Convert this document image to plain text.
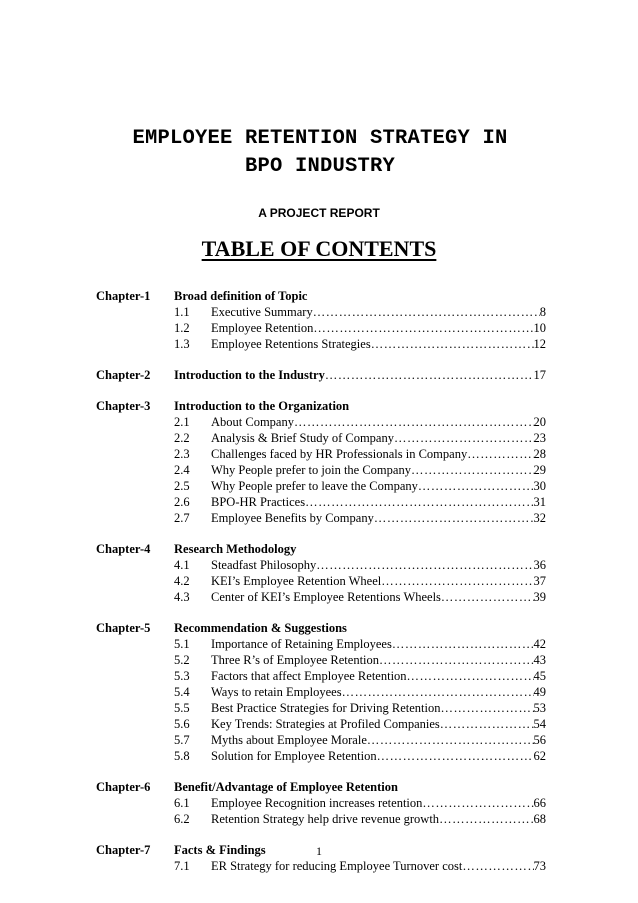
EMPLOYEE RETENTION STRATEGY IN
BPO INDUSTRY

A PROJECT REPORT

TABLE OF CONTENTS
Chapter-1	Broad definition of Topic
1.1	Executive Summary ……………………………………………………………………………………………………………………	8
1.2	Employee Retention ……………………………………………………………………………………………………………………	10
1.3	Employee Retentions Strategies ……………………………………………………………………………………………………………………	12
Chapter-2	Introduction to the Industry ……………………………………………………………………………………………………………………	17
Chapter-3	Introduction to the Organization
2.1	About Company ……………………………………………………………………………………………………………………	20
2.2	Analysis & Brief Study of Company ……………………………………………………………………………………………………………………	23
2.3	Challenges faced by HR Professionals in Company ……………………………………………………………………………………………………………………	28
2.4	Why People prefer to join the Company ……………………………………………………………………………………………………………………	29
2.5	Why People prefer to leave the Company ……………………………………………………………………………………………………………………	30
2.6	BPO-HR Practices ……………………………………………………………………………………………………………………	31
2.7	Employee Benefits by Company ……………………………………………………………………………………………………………………	32
Chapter-4	Research Methodology
4.1	Steadfast Philosophy ……………………………………………………………………………………………………………………	36
4.2	KEI’s Employee Retention Wheel ……………………………………………………………………………………………………………………	37
4.3	Center of KEI’s Employee Retentions Wheels ……………………………………………………………………………………………………………………	39
Chapter-5	Recommendation & Suggestions
5.1	Importance of Retaining Employees ……………………………………………………………………………………………………………………	42
5.2	Three R’s of Employee Retention ……………………………………………………………………………………………………………………	43
5.3	Factors that affect Employee Retention ……………………………………………………………………………………………………………………	45
5.4	Ways to retain Employees ……………………………………………………………………………………………………………………	49
5.5	Best Practice Strategies for Driving Retention ……………………………………………………………………………………………………………………	53
5.6	Key Trends: Strategies at Profiled Companies ……………………………………………………………………………………………………………………	54
5.7	Myths about Employee Morale ……………………………………………………………………………………………………………………	56
5.8	Solution for Employee Retention ……………………………………………………………………………………………………………………	62
Chapter-6	Benefit/Advantage of Employee Retention
6.1	Employee Recognition increases retention ……………………………………………………………………………………………………………………	66
6.2	Retention Strategy help drive revenue growth ……………………………………………………………………………………………………………………	68
Chapter-7	Facts & Findings
7.1	ER Strategy for reducing Employee Turnover cost ……………………………………………………………………………………………………………………	73
1
